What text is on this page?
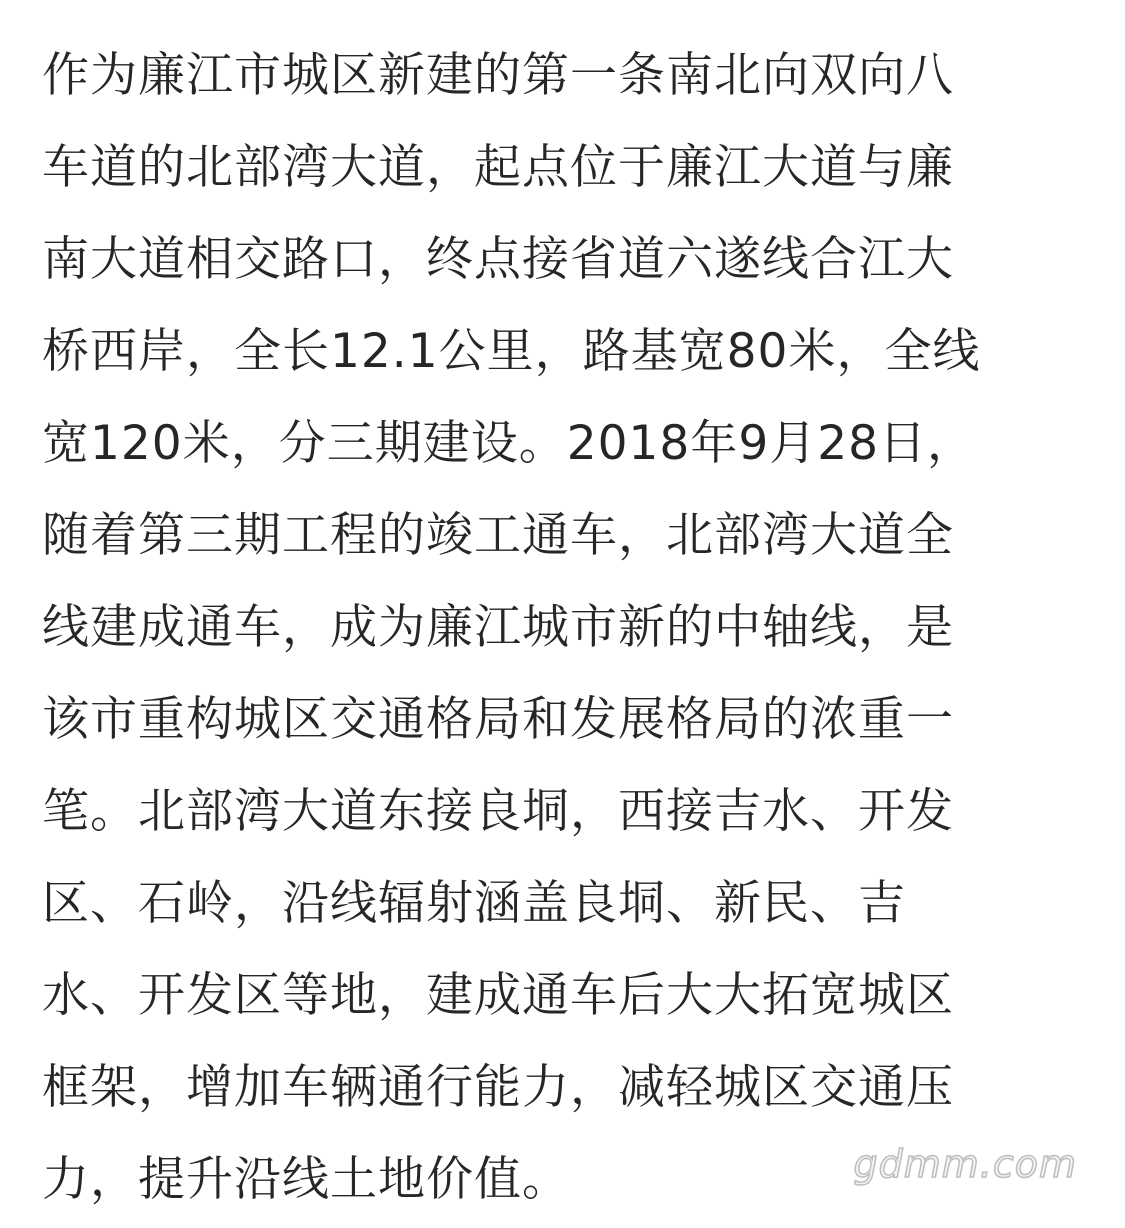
作为廉江市城区新建的第一条南北向双向八
车道的北部湾大道，起点位于廉江大道与廉
南大道相交路口，终点接省道六遂线合江大
桥西岸，全长12.1公里，路基宽80米，全线
宽120米，分三期建设。2018年9月28日，
随着第三期工程的竣工通车，北部湾大道全
线建成通车，成为廉江城市新的中轴线，是
该市重构城区交通格局和发展格局的浓重一
笔。北部湾大道东接良垌，西接吉水、开发
区、石岭，沿线辐射涵盖良垌、新民、吉
水、开发区等地，建成通车后大大拓宽城区
框架，增加车辆通行能力，减轻城区交通压
力，提升沿线土地价值。	gdmm.com
